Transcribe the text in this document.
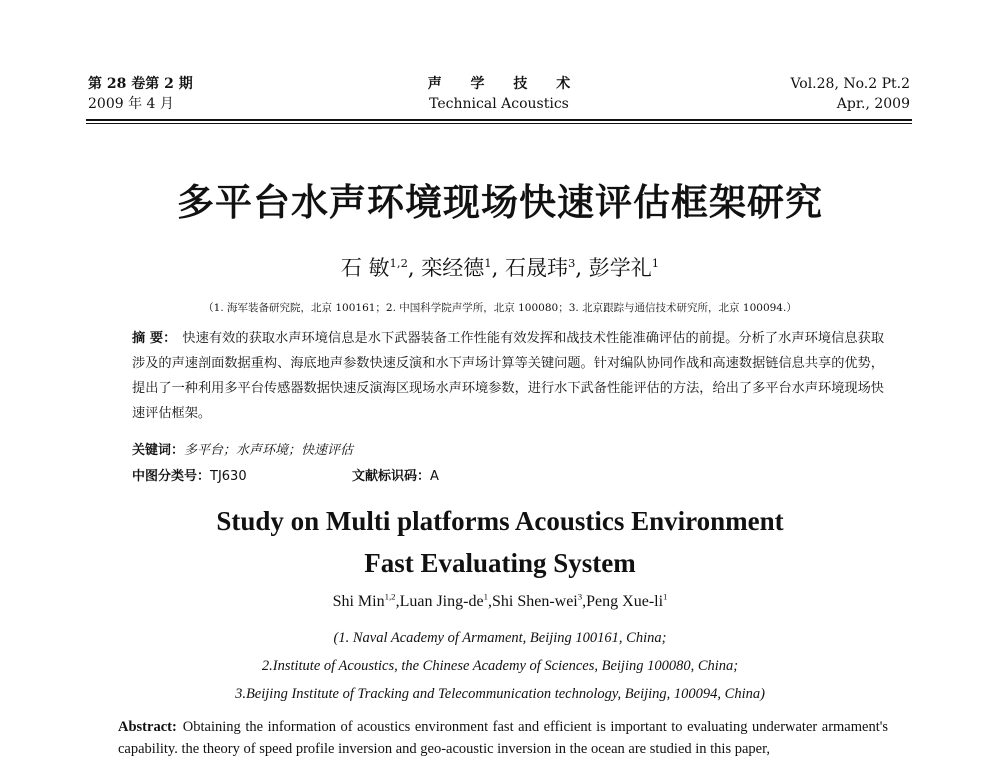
第 28 卷第 2 期
2009 年 4 月
声 学 技 术
Technical Acoustics
Vol.28, No.2 Pt.2
Apr., 2009
多平台水声环境现场快速评估框架研究
石 敏$^{1,2}$, 栾经德$^1$, 石晟玮$^3$, 彭学礼$^1$
（1. 海军装备研究院，北京 100161；2. 中国科学院声学所，北京 100080；3. 北京跟踪与通信技术研究所，北京 100094.）
摘 要： 快速有效的获取水声环境信息是水下武器装备工作性能有效发挥和战技术性能准确评估的前提。分析了水声环境信息获取涉及的声速剖面数据重构、海底地声参数快速反演和水下声场计算等关键问题。针对编队协同作战和高速数据链信息共享的优势，提出了一种利用多平台传感器数据快速反演海区现场水声环境参数，进行水下武备性能评估的方法，给出了多平台水声环境现场快速评估框架。
关键词：多平台；水声环境；快速评估
中图分类号：TJ630	文献标识码：A
Study on Multi platforms Acoustics Environment
Fast Evaluating System
Shi Min$^{1,2}$,Luan Jing-$de^1,Shi$ Shen-wei$^3$,Peng Xue-$li^1$
(1. Naval Academy of Armament, Beijing 100161, China;
2.Institute of Acoustics, the Chinese Academy of Sciences, Beijing 100080, China;
3.Beijing Institute of Tracking and Telecommunication technology, Beijing, 100094, China)
Abstract: Obtaining the information of acoustics environment fast and efficient is important to evaluating underwater armament's capability. the theory of speed profile inversion and geo-acoustic inversion in the ocean are studied in this paper,
